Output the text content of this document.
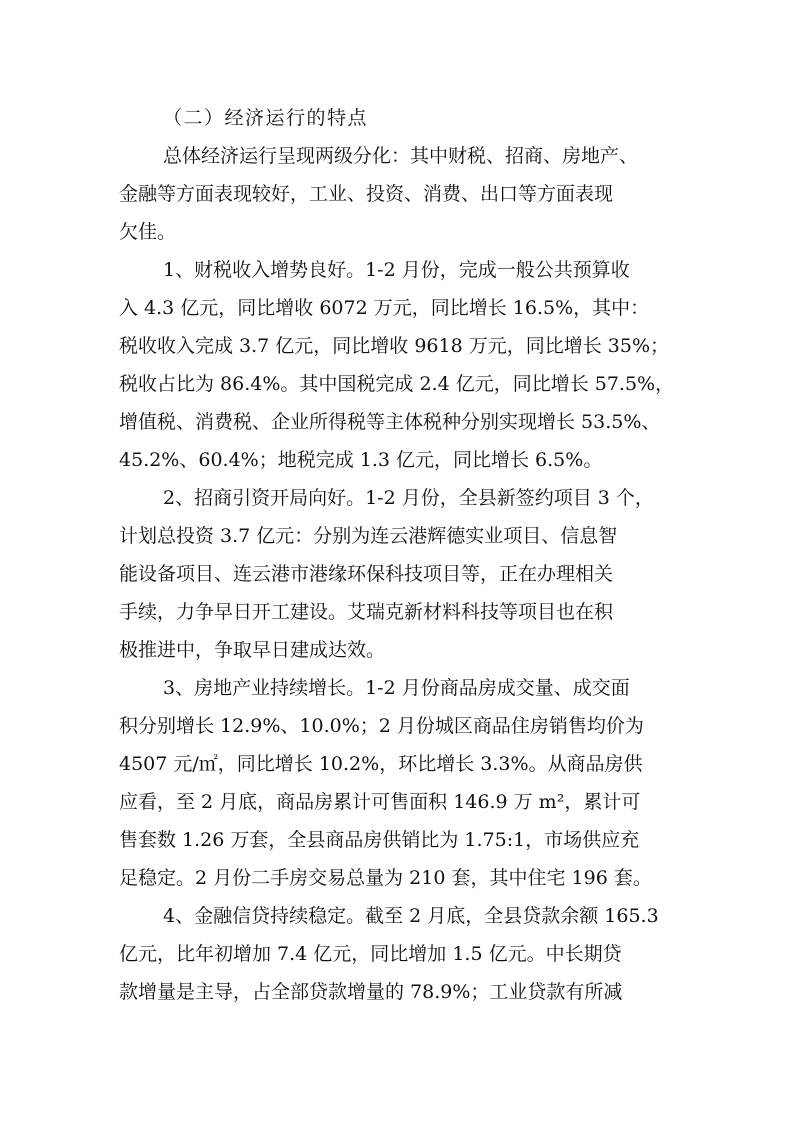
（二）经济运行的特点
总体经济运行呈现两级分化：其中财税、招商、房地产、
金融等方面表现较好，工业、投资、消费、出口等方面表现
欠佳。
1、财税收入增势良好。1-2 月份，完成一般公共预算收
入 4.3 亿元，同比增收 6072 万元，同比增长 16.5%，其中：
税收收入完成 3.7 亿元，同比增收 9618 万元，同比增长 35%；
税收占比为 86.4%。其中国税完成 2.4 亿元，同比增长 57.5%，
增值税、消费税、企业所得税等主体税种分别实现增长 53.5%、
45.2%、60.4%；地税完成 1.3 亿元，同比增长 6.5%。
2、招商引资开局向好。1-2 月份，全县新签约项目 3 个，
计划总投资 3.7 亿元：分别为连云港辉德实业项目、信息智
能设备项目、连云港市港缘环保科技项目等，正在办理相关
手续，力争早日开工建设。艾瑞克新材料科技等项目也在积
极推进中，争取早日建成达效。
3、房地产业持续增长。1-2 月份商品房成交量、成交面
积分别增长 12.9%、10.0%；2 月份城区商品住房销售均价为
4507 元/㎡，同比增长 10.2%，环比增长 3.3%。从商品房供
应看，至 2 月底，商品房累计可售面积 146.9 万 m²，累计可
售套数 1.26 万套，全县商品房供销比为 1.75:1，市场供应充
足稳定。2 月份二手房交易总量为 210 套，其中住宅 196 套。
4、金融信贷持续稳定。截至 2 月底，全县贷款余额 165.3
亿元，比年初增加 7.4 亿元，同比增加 1.5 亿元。中长期贷
款增量是主导，占全部贷款增量的 78.9%；工业贷款有所减
